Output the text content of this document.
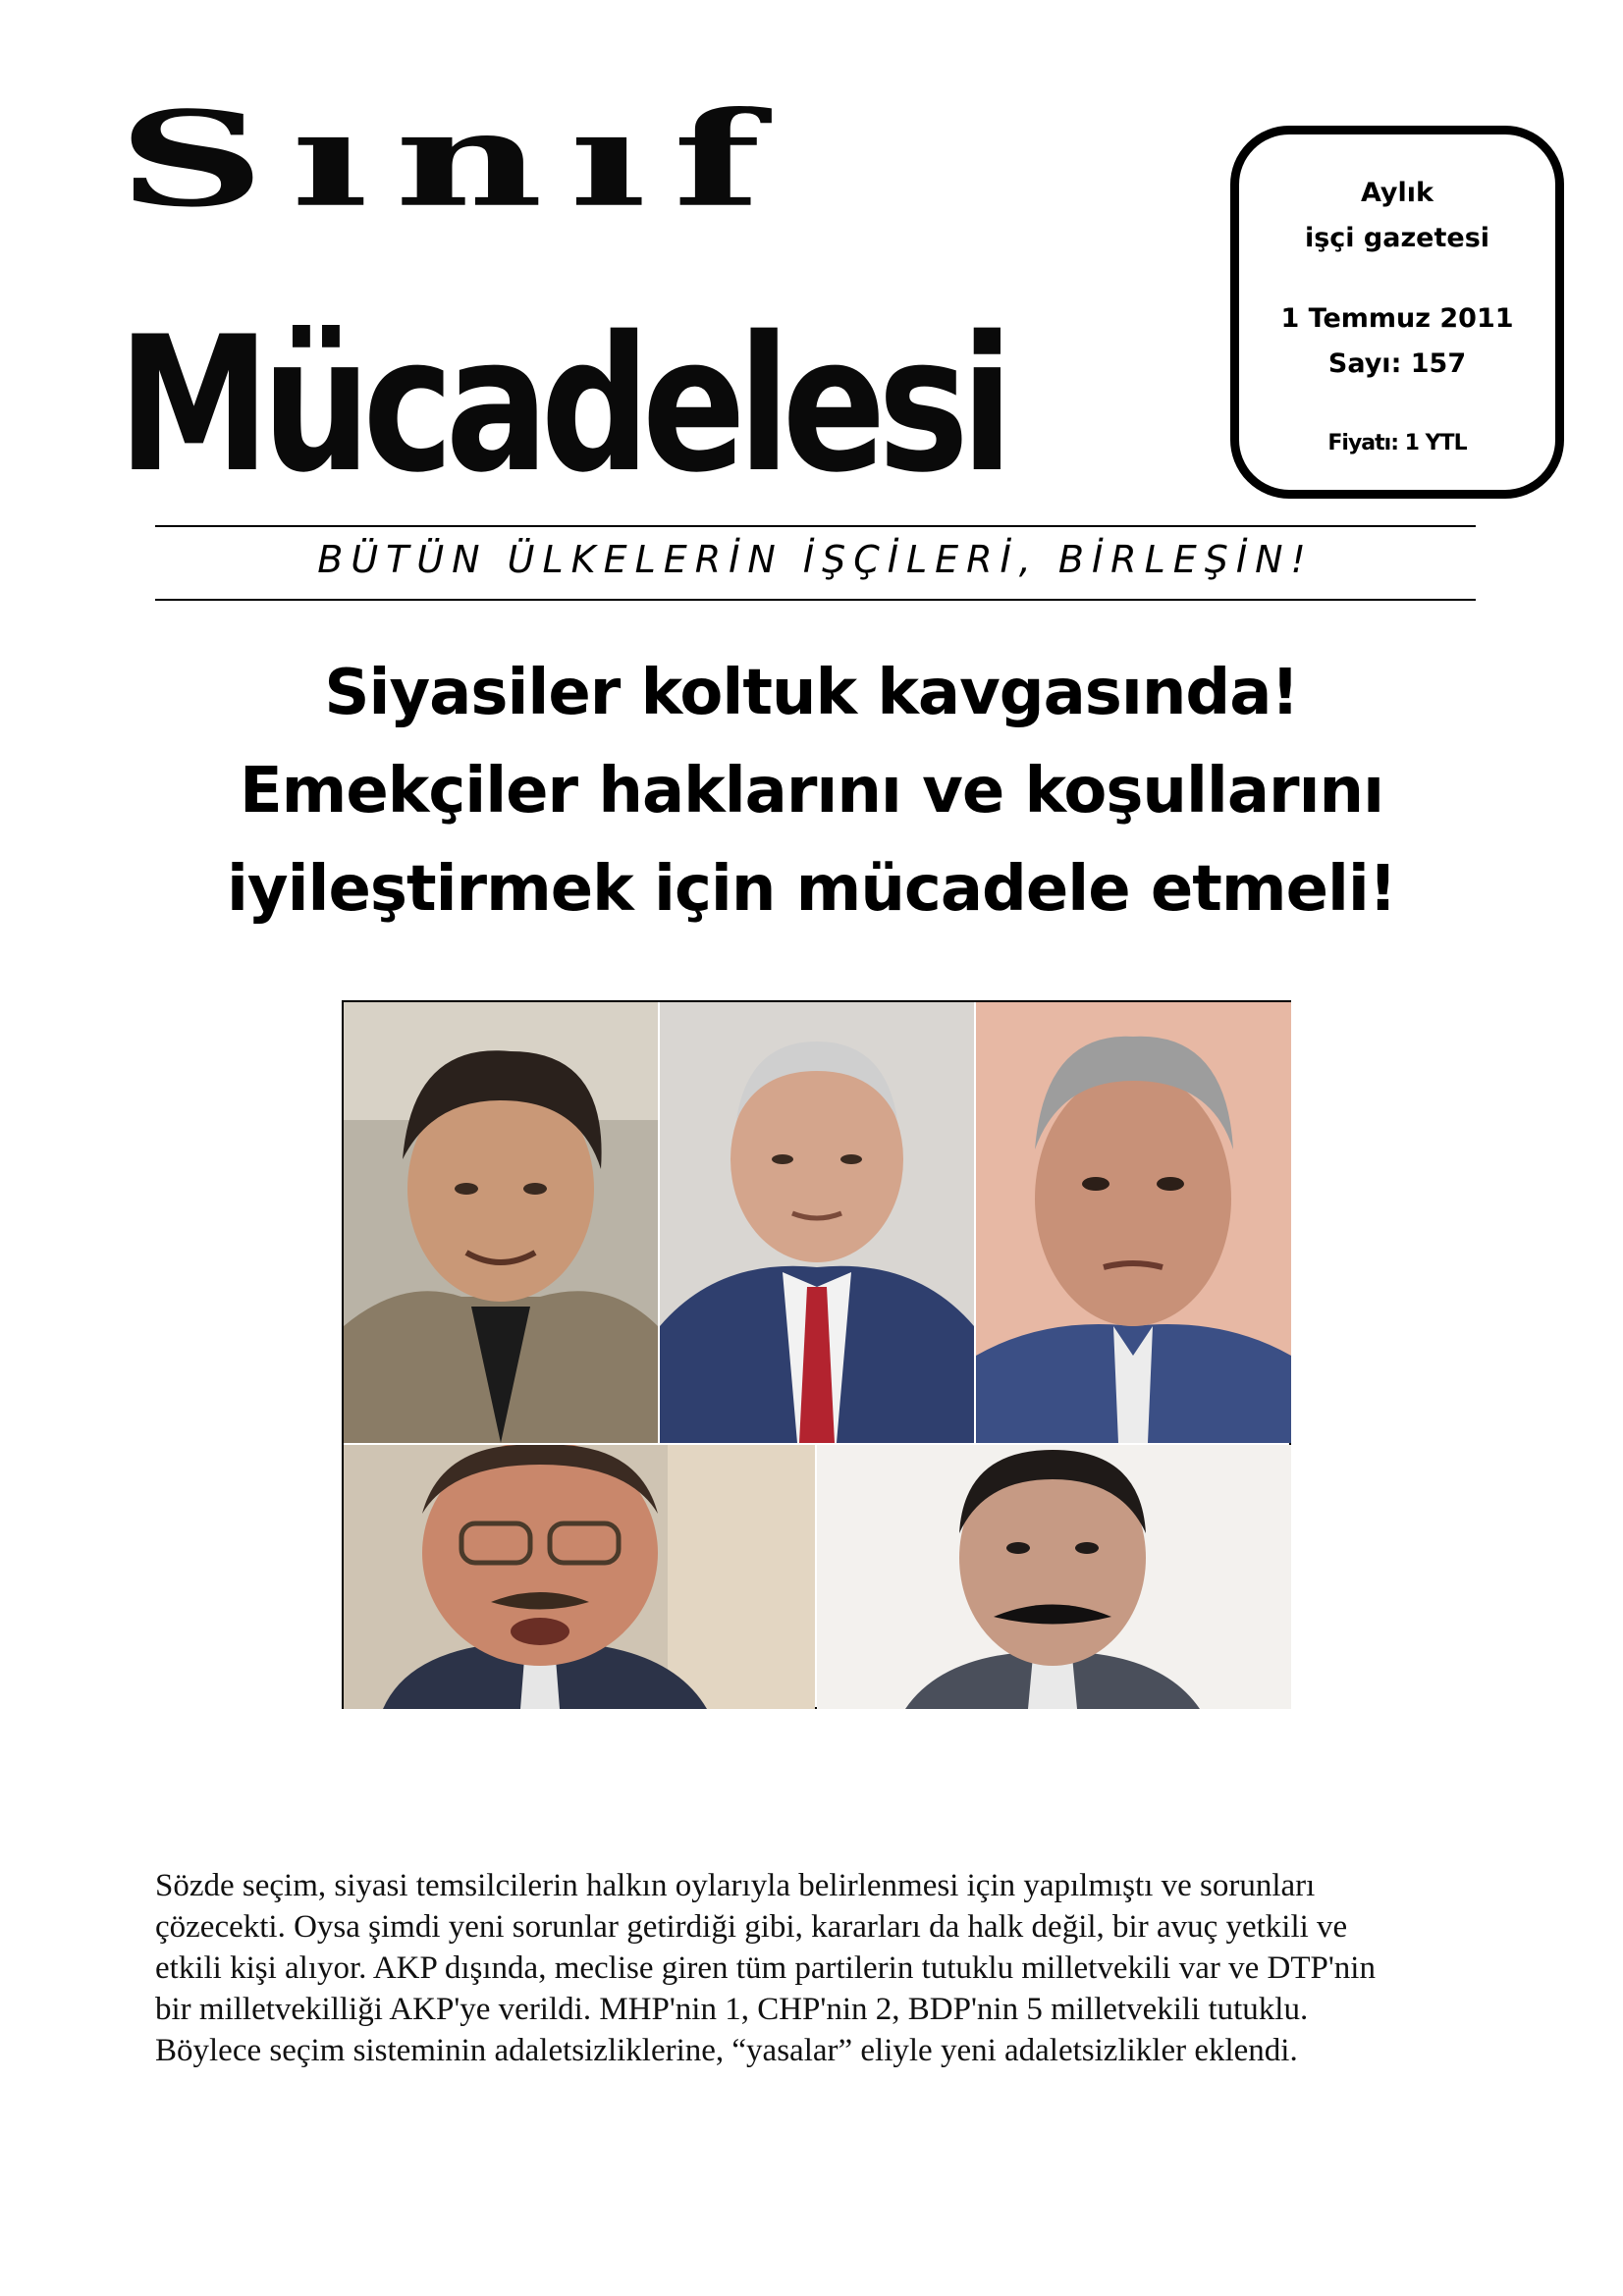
Sınıf
Mücadelesi
Aylık
işçi gazetesi
1 Temmuz 2011
Sayı: 157
Fiyatı: 1 YTL
BÜTÜN ÜLKELERİN İŞÇİLERİ, BİRLEŞİN!
Siyasiler koltuk kavgasında!
Emekçiler haklarını ve koşullarını
iyileştirmek için mücadele etmeli!
Sözde seçim, siyasi temsilcilerin halkın oylarıyla belirlenmesi için yapılmıştı ve sorunları
çözecekti. Oysa şimdi yeni sorunlar getirdiği gibi, kararları da halk değil, bir avuç yetkili ve
etkili kişi alıyor. AKP dışında, meclise giren tüm partilerin tutuklu milletvekili var ve DTP'nin
bir milletvekilliği AKP'ye verildi. MHP'nin 1, CHP'nin 2, BDP'nin 5 milletvekili tutuklu.
Böylece seçim sisteminin adaletsizliklerine, “yasalar” eliyle yeni adaletsizlikler eklendi.
